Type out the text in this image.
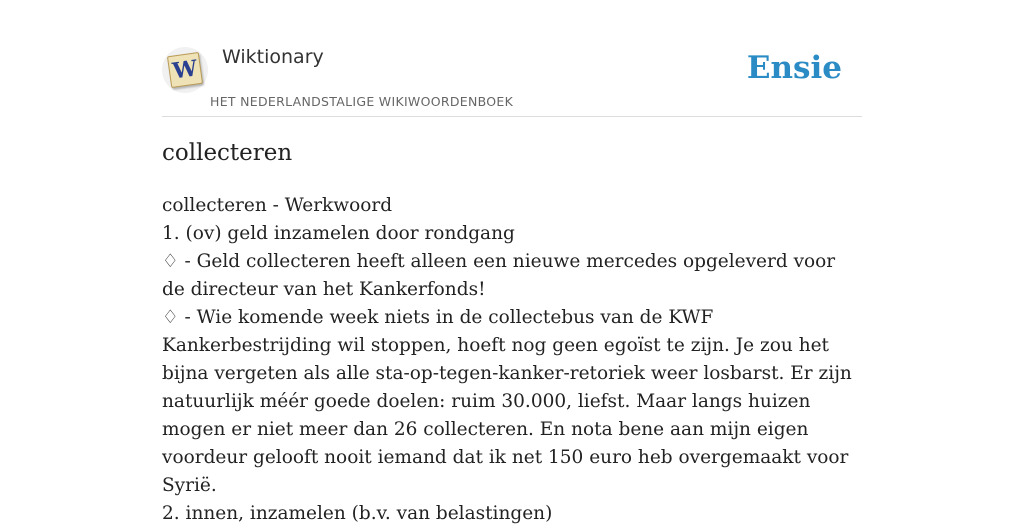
W Wiktionary
HET NEDERLANDSTALIGE WIKIWOORDENBOEK
Ensie
collecteren

collecteren - Werkwoord

1. (ov) geld inzamelen door rondgang

♢ - Geld collecteren heeft alleen een nieuwe mercedes opgeleverd voor de directeur van het Kankerfonds!

♢ - Wie komende week niets in de collectebus van de KWF Kankerbestrijding wil stoppen, hoeft nog geen egoïst te zijn. Je zou het bijna vergeten als alle sta-op-tegen-kanker-retoriek weer losbarst. Er zijn natuurlijk méér goede doelen: ruim 30.000, liefst. Maar langs huizen mogen er niet meer dan 26 collecteren. En nota bene aan mijn eigen voordeur gelooft nooit iemand dat ik net 150 euro heb overgemaakt voor Syrië.

2. innen, inzamelen (b.v. van belastingen)
